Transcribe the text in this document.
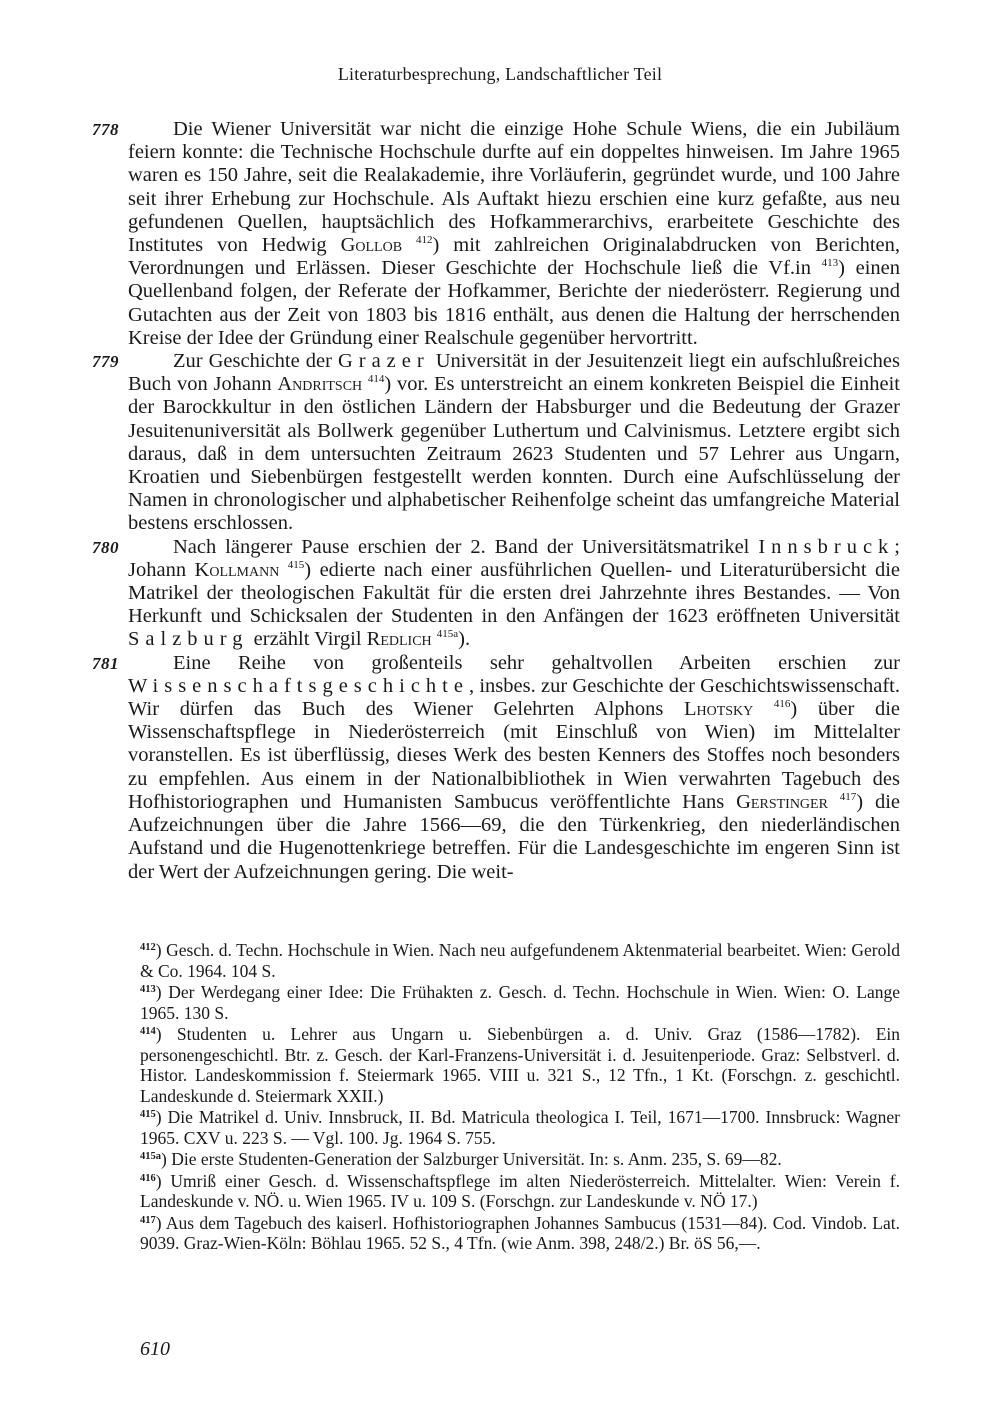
Literaturbesprechung, Landschaftlicher Teil

778	Die Wiener Universität war nicht die einzige Hohe Schule Wiens, die ein Jubiläum feiern konnte: die Technische Hochschule durfte auf ein doppeltes hinweisen. Im Jahre 1965 waren es 150 Jahre, seit die Realakademie, ihre Vorläuferin, gegründet wurde, und 100 Jahre seit ihrer Erhebung zur Hochschule. Als Auftakt hiezu erschien eine kurz gefaßte, aus neu gefundenen Quellen, hauptsächlich des Hofkammerarchivs, erarbeitete Geschichte des Institutes von Hedwig Gollob $^{412}$) mit zahlreichen Originalabdrucken von Berichten, Verordnungen und Erlässen. Dieser Geschichte der Hochschule ließ die Vf.in $^{413}$) einen Quellenband folgen, der Referate der Hofkammer, Berichte der niederösterr. Regierung und Gutachten aus der Zeit von 1803 bis 1816 enthält, aus denen die Haltung der herrschenden Kreise der Idee der Gründung einer Realschule gegenüber hervortritt.

779	Zur Geschichte der Grazer Universität in der Jesuitenzeit liegt ein aufschlußreiches Buch von Johann Andritsch $^{414}$) vor. Es unterstreicht an einem konkreten Beispiel die Einheit der Barockkultur in den östlichen Ländern der Habsburger und die Bedeutung der Grazer Jesuitenuniversität als Bollwerk gegenüber Luthertum und Calvinismus. Letztere ergibt sich daraus, daß in dem untersuchten Zeitraum 2623 Studenten und 57 Lehrer aus Ungarn, Kroatien und Siebenbürgen festgestellt werden konnten. Durch eine Aufschlüsselung der Namen in chronologischer und alphabetischer Reihenfolge scheint das umfangreiche Material bestens erschlossen.

780	Nach längerer Pause erschien der 2. Band der Universitätsmatrikel Innsbruck; Johann Kollmann $^{415}$) edierte nach einer ausführlichen Quellen- und Literaturübersicht die Matrikel der theologischen Fakultät für die ersten drei Jahrzehnte ihres Bestandes. — Von Herkunft und Schicksalen der Studenten in den Anfängen der 1623 eröffneten Universität Salzburg erzählt Virgil Redlich $^{415a}$).

781	Eine Reihe von großenteils sehr gehaltvollen Arbeiten erschien zur Wissenschaftsgeschichte, insbes. zur Geschichte der Geschichtswissenschaft. Wir dürfen das Buch des Wiener Gelehrten Alphons Lhotsky $^{416}$) über die Wissenschaftspflege in Niederösterreich (mit Einschluß von Wien) im Mittelalter voranstellen. Es ist überflüssig, dieses Werk des besten Kenners des Stoffes noch besonders zu empfehlen. Aus einem in der Nationalbibliothek in Wien verwahrten Tagebuch des Hofhistoriographen und Humanisten Sambucus veröffentlichte Hans Gerstinger $^{417}$) die Aufzeichnungen über die Jahre 1566—69, die den Türkenkrieg, den niederländischen Aufstand und die Hugenottenkriege betreffen. Für die Landesgeschichte im engeren Sinn ist der Wert der Aufzeichnungen gering. Die weit-

$^{412}$) Gesch. d. Techn. Hochschule in Wien. Nach neu aufgefundenem Aktenmaterial bearbeitet. Wien: Gerold & Co. 1964. 104 S.

$^{413}$) Der Werdegang einer Idee: Die Frühakten z. Gesch. d. Techn. Hochschule in Wien. Wien: O. Lange 1965. 130 S.

$^{414}$) Studenten u. Lehrer aus Ungarn u. Siebenbürgen a. d. Univ. Graz (1586—1782). Ein personengeschichtl. Btr. z. Gesch. der Karl-Franzens-Universität i. d. Jesuitenperiode. Graz: Selbstverl. d. Histor. Landeskommission f. Steiermark 1965. VIII u. 321 S., 12 Tfn., 1 Kt. (Forschgn. z. geschichtl. Landeskunde d. Steiermark XXII.)

$^{415}$) Die Matrikel d. Univ. Innsbruck, II. Bd. Matricula theologica I. Teil, 1671—1700. Innsbruck: Wagner 1965. CXV u. 223 S. — Vgl. 100. Jg. 1964 S. 755.

$^{415a}$) Die erste Studenten-Generation der Salzburger Universität. In: s. Anm. 235, S. 69—82.

$^{416}$) Umriß einer Gesch. d. Wissenschaftspflege im alten Niederösterreich. Mittelalter. Wien: Verein f. Landeskunde v. NÖ. u. Wien 1965. IV u. 109 S. (Forschgn. zur Landeskunde v. NÖ 17.)

$^{417}$) Aus dem Tagebuch des kaiserl. Hofhistoriographen Johannes Sambucus (1531—84). Cod. Vindob. Lat. 9039. Graz-Wien-Köln: Böhlau 1965. 52 S., 4 Tfn. (wie Anm. 398, 248/2.) Br. öS 56,—.

610
